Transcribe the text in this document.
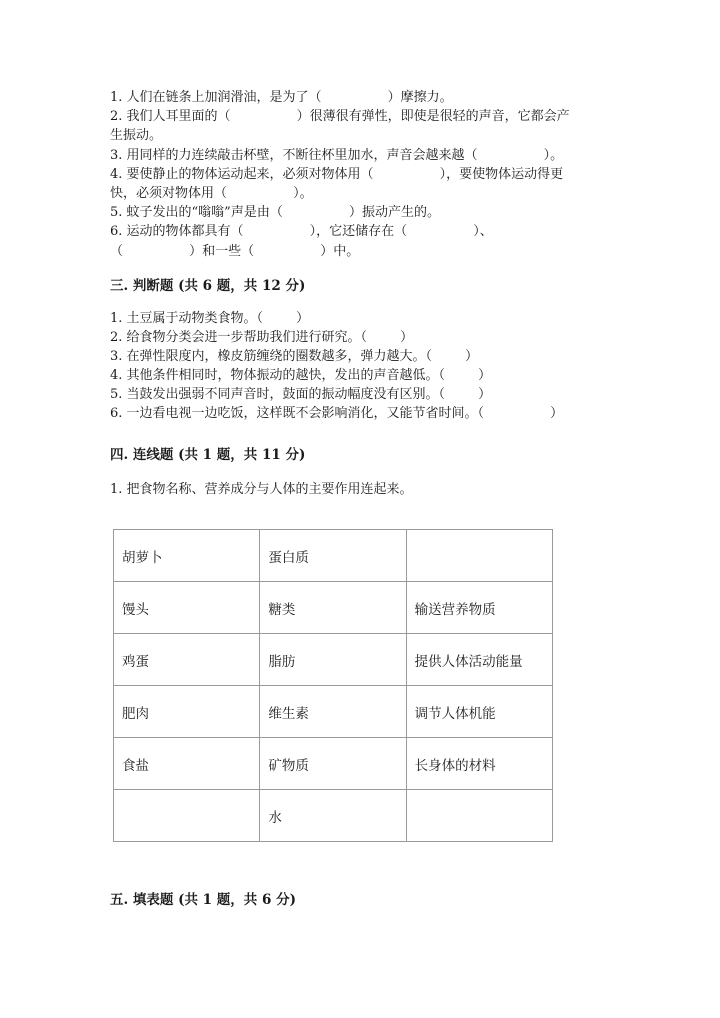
1. 人们在链条上加润滑油，是为了（                ）摩擦力。
2. 我们人耳里面的（                ）很薄很有弹性，即使是很轻的声音，它都会产
生振动。
3. 用同样的力连续敲击杯壁，不断往杯里加水，声音会越来越（                ）。
4. 要使静止的物体运动起来，必须对物体用（                ），要使物体运动得更
快，必须对物体用（                ）。
5. 蚊子发出的“嗡嗡”声是由（                ）振动产生的。
6. 运动的物体都具有（                ），它还储存在（                ）、
（                ）和一些（                ）中。
三. 判断题 (共 6 题，共 12 分)
1. 土豆属于动物类食物。（        ）
2. 给食物分类会进一步帮助我们进行研究。（        ）
3. 在弹性限度内，橡皮筋缠绕的圈数越多，弹力越大。（        ）
4. 其他条件相同时，物体振动的越快，发出的声音越低。（        ）
5. 当鼓发出强弱不同声音时，鼓面的振动幅度没有区别。（        ）
6. 一边看电视一边吃饭，这样既不会影响消化，又能节省时间。（                ）
四. 连线题 (共 1 题，共 11 分)
1. 把食物名称、营养成分与人体的主要作用连起来。
胡萝卜	蛋白质	
馒头	糖类	输送营养物质
鸡蛋	脂肪	提供人体活动能量
肥肉	维生素	调节人体机能
食盐	矿物质	长身体的材料
	水	
五. 填表题 (共 1 题，共 6 分)
